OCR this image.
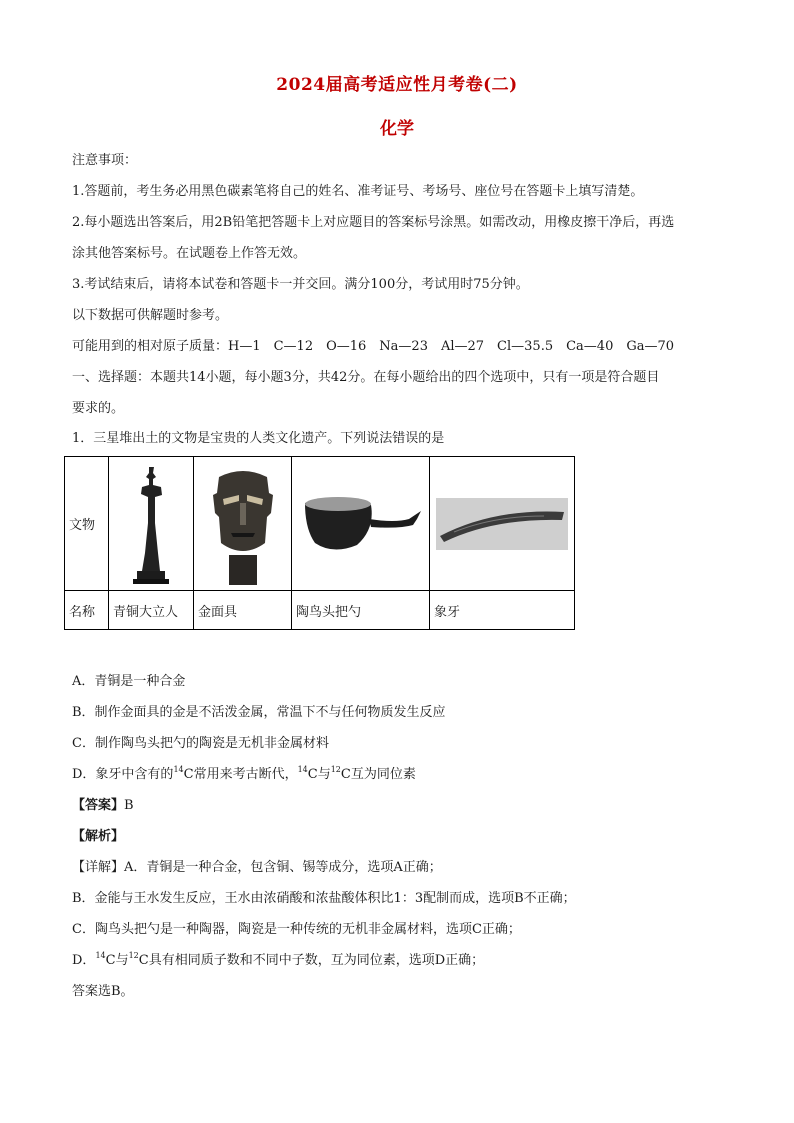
2024届高考适应性月考卷(二)
化学
注意事项：
1.答题前，考生务必用黑色碳素笔将自己的姓名、准考证号、考场号、座位号在答题卡上填写清楚。
2.每小题选出答案后，用2B铅笔把答题卡上对应题目的答案标号涂黑。如需改动，用橡皮擦干净后，再选
涂其他答案标号。在试题卷上作答无效。
3.考试结束后，请将本试卷和答题卡一并交回。满分100分，考试用时75分钟。
以下数据可供解题时参考。
可能用到的相对原子质量：H—1　C—12　O—16　Na—23　Al—27　Cl—35.5　Ca—40　Ga—70
一、选择题：本题共14小题，每小题3分，共42分。在每小题给出的四个选项中，只有一项是符合题目
要求的。
1．三星堆出土的文物是宝贵的人类文化遗产。下列说法错误的是
文物	

名称	青铜大立人	金面具	陶鸟头把勺	象牙
A．青铜是一种合金
B．制作金面具的金是不活泼金属，常温下不与任何物质发生反应
C．制作陶鸟头把勺的陶瓷是无机非金属材料
D．象牙中含有的$^{14}$C常用来考古断代，$^{14}$C与$^{12}$C互为同位素
【答案】B
【解析】
【详解】A．青铜是一种合金，包含铜、锡等成分，选项A正确；
B．金能与王水发生反应，王水由浓硝酸和浓盐酸体积比1：3配制而成，选项B不正确；
C．陶鸟头把勺是一种陶器，陶瓷是一种传统的无机非金属材料，选项C正确；
D．$^{14}$C与$^{12}$C具有相同质子数和不同中子数，互为同位素，选项D正确；
答案选B。
